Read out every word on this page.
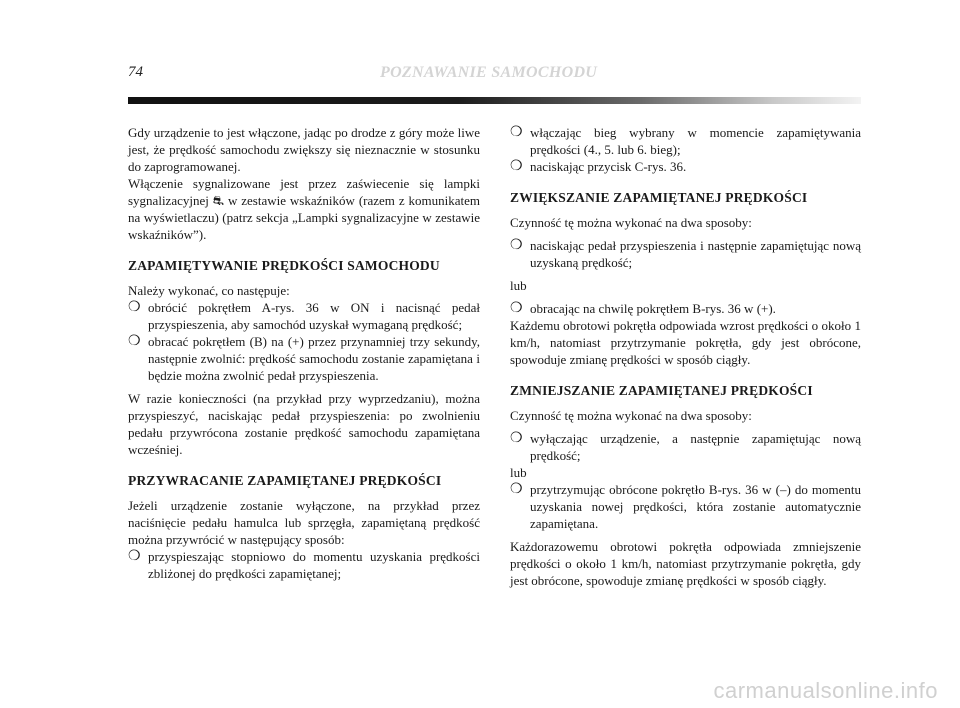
74	POZNAWANIE SAMOCHODU

Gdy urządzenie to jest włączone, jadąc po drodze z góry może liwe jest, że prędkość samochodu zwiększy się nieznacznie w stosunku do zaprogramowanej.

Włączenie sygnalizowane jest przez zaświecenie się lampki sygnalizacyjnej ⛐ w zestawie wskaźników (razem z komunikatem na wyświetlaczu) (patrz sekcja „Lampki sygnalizacyjne w zestawie wskaźników”).

ZAPAMIĘTYWANIE PRĘDKOŚCI SAMOCHODU

Należy wykonać, co następuje:

❍ obrócić pokrętłem A-rys. 36 w ON i nacisnąć pedał przyspieszenia, aby samochód uzyskał wymaganą prędkość;
❍ obracać pokrętłem (B) na (+) przez przynamniej trzy sekundy, następnie zwolnić: prędkość samochodu zostanie zapamiętana i będzie można zwolnić pedał przyspieszenia.

W razie konieczności (na przykład przy wyprzedzaniu), można przyspieszyć, naciskając pedał przyspieszenia: po zwolnieniu pedału przywrócona zostanie prędkość samochodu zapamiętana wcześniej.

PRZYWRACANIE ZAPAMIĘTANEJ PRĘDKOŚCI

Jeżeli urządzenie zostanie wyłączone, na przykład przez naciśnięcie pedału hamulca lub sprzęgła, zapamiętaną prędkość można przywrócić w następujący sposób:

❍ przyspieszając stopniowo do momentu uzyskania prędkości zbliżonej do prędkości zapamiętanej;
❍ włączając bieg wybrany w momencie zapamiętywania prędkości (4., 5. lub 6. bieg);
❍ naciskając przycisk C-rys. 36.
ZWIĘKSZANIE ZAPAMIĘTANEJ PRĘDKOŚCI

Czynność tę można wykonać na dwa sposoby:

❍ naciskając pedał przyspieszenia i następnie zapamiętując nową uzyskaną prędkość;
lub
❍ obracając na chwilę pokrętłem B-rys. 36 w (+).

Każdemu obrotowi pokrętła odpowiada wzrost prędkości o około 1 km/h, natomiast przytrzymanie pokrętła, gdy jest obrócone, spowoduje zmianę prędkości w sposób ciągły.

ZMNIEJSZANIE ZAPAMIĘTANEJ PRĘDKOŚCI

Czynność tę można wykonać na dwa sposoby:

❍ wyłączając urządzenie, a następnie zapamiętując nową prędkość;
lub
❍ przytrzymując obrócone pokrętło B-rys. 36 w (–) do momentu uzyskania nowej prędkości, która zostanie automatycznie zapamiętana.

Każdorazowemu obrotowi pokrętła odpowiada zmniejszenie prędkości o około 1 km/h, natomiast przytrzymanie pokrętła, gdy jest obrócone, spowoduje zmianę prędkości w sposób ciągły.

carmanualsonline.info
